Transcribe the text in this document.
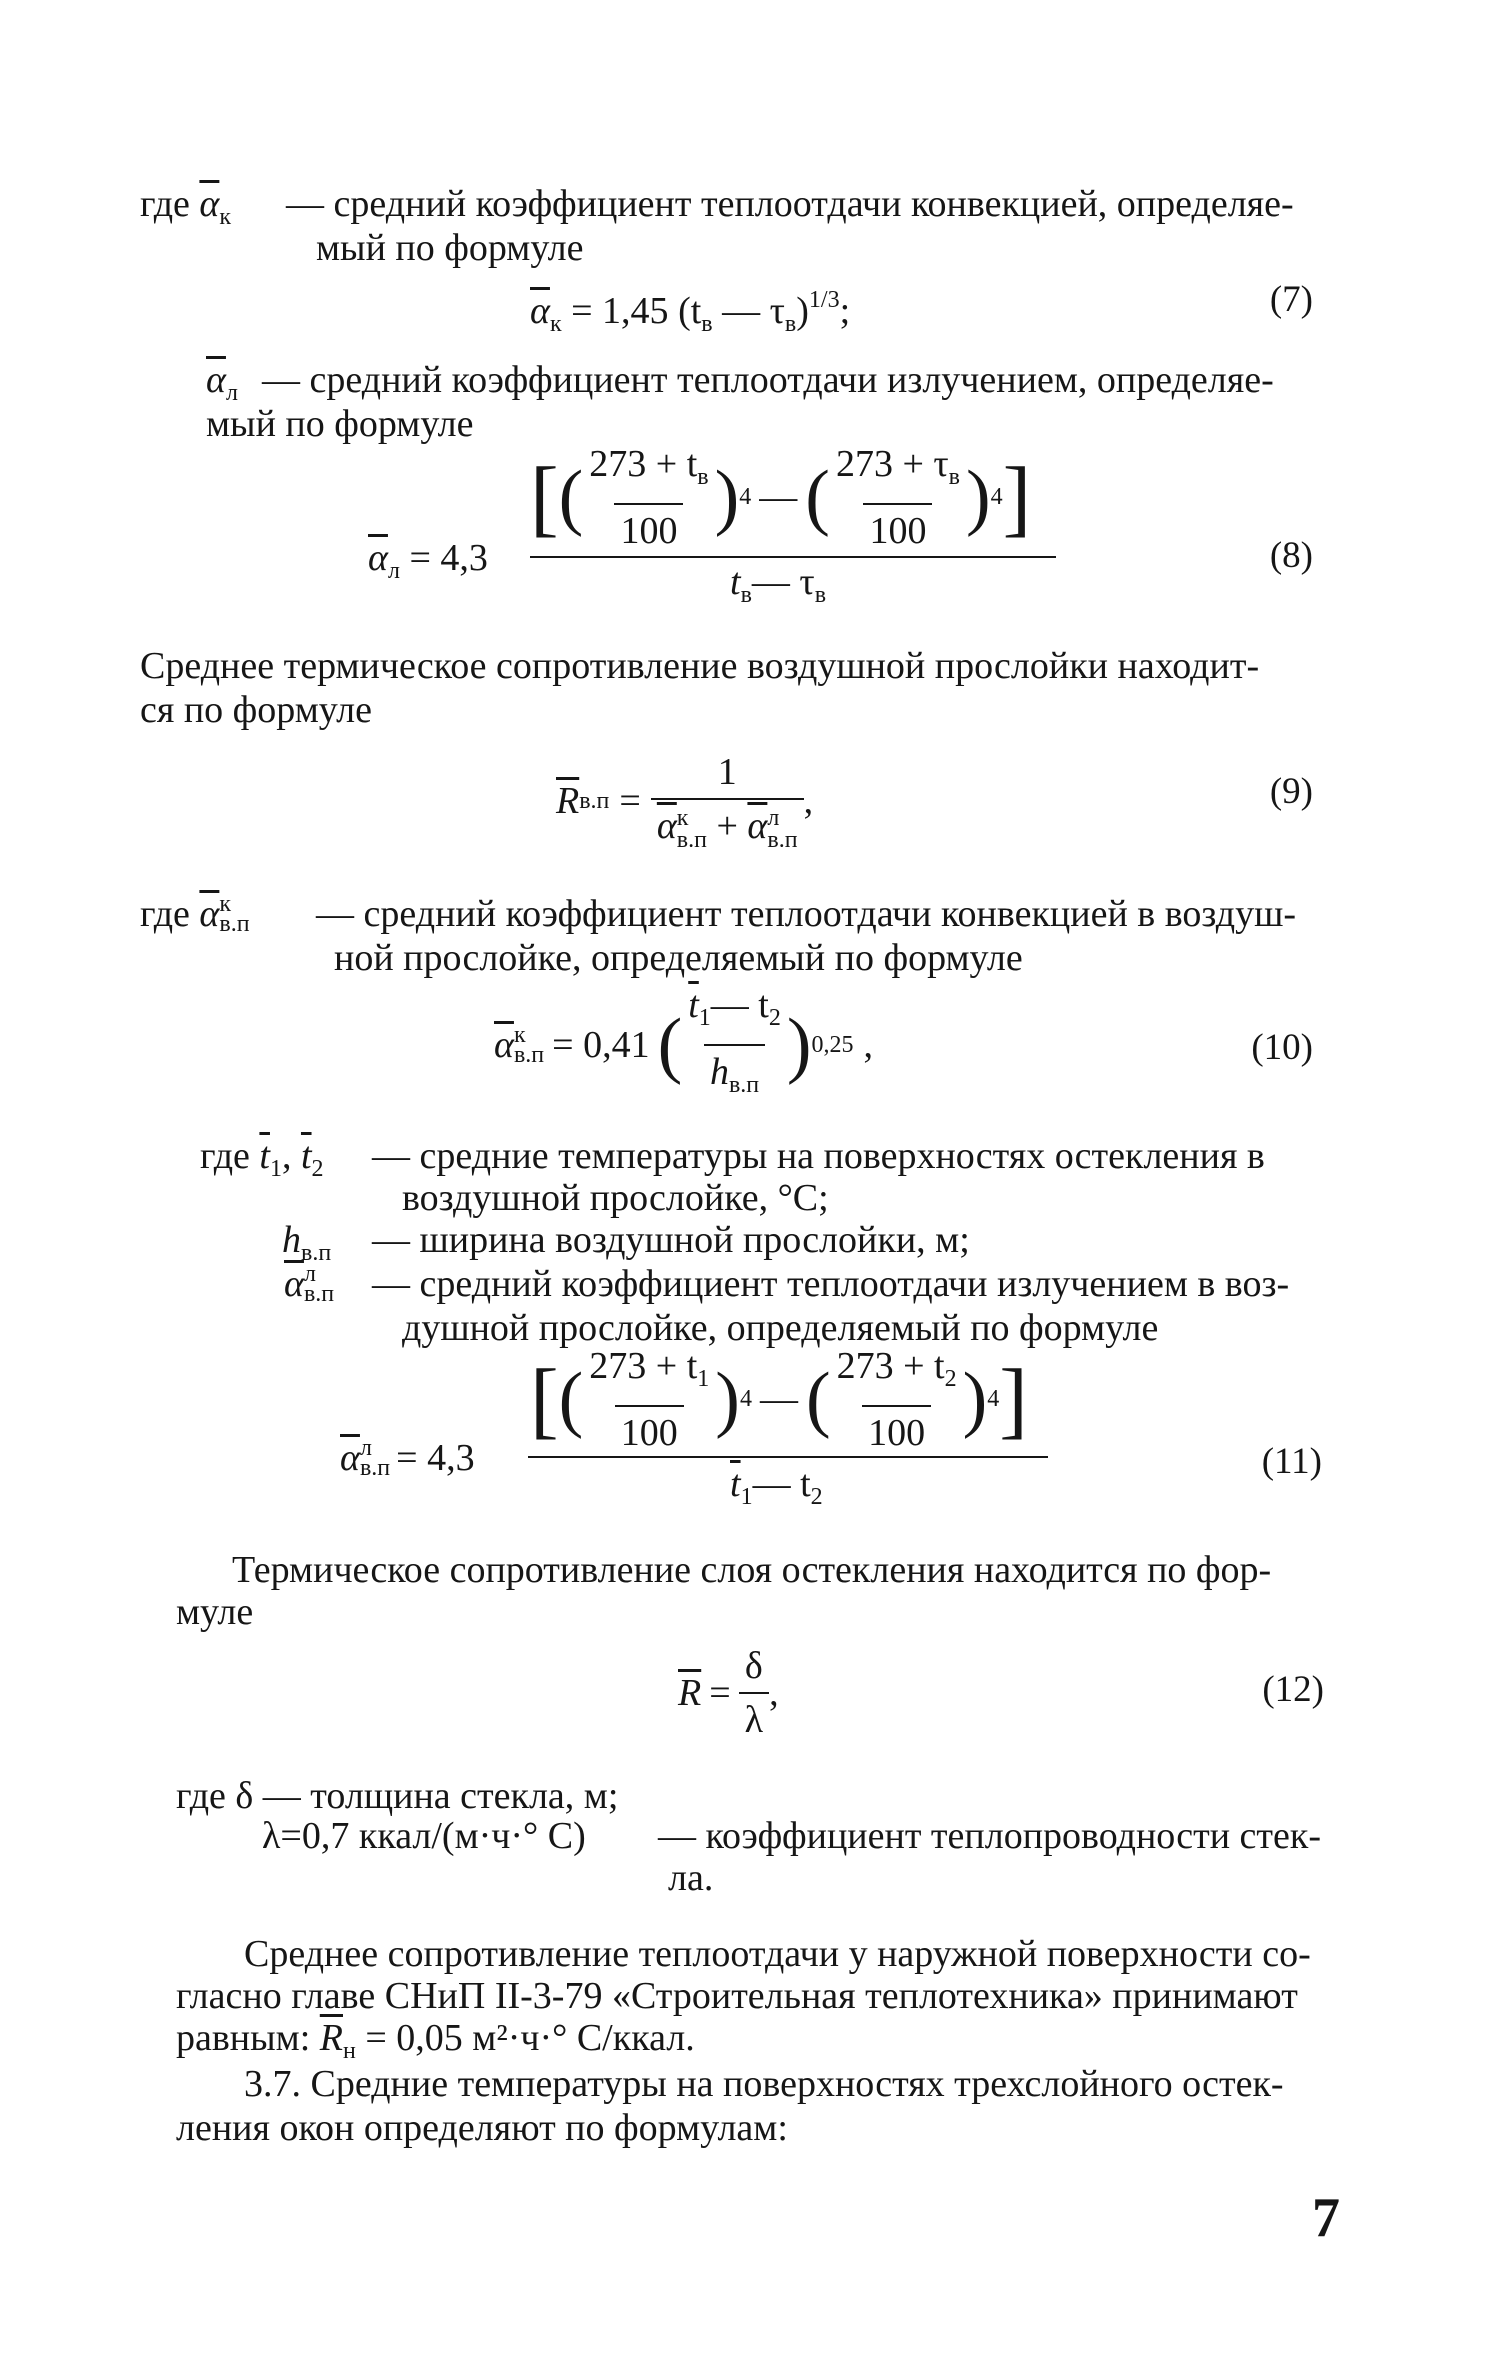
где $\overline{\alpha}_к$ — средний коэффициент теплоотдачи конвекцией, определяе-
мый по формуле
$\overline{\alpha}_к = 1,45$ ($t_в$ — $\tau_в)^{1/3}$;	(7)
$\overline{\alpha}_л$ — средний коэффициент теплоотдачи излучением, определяе-
мый по формуле
$\overline{\alpha}_л = 4,3$
[ ( $\frac{273 + t_в}{100}$ ) 4 — ( $\frac{273 + \tau_в}{100}$ ) 4 ]
$t_в—$ $\tau_в$
(8)
Среднее термическое сопротивление воздушной прослойки находит-
ся по формуле
$\overline{R}$ в.п = 1
$\overline{\alpha}$ к
$в.п + \overline{\alpha}$ л
в.п ,	(9)
где
$\overline{\alpha}$ к
в.п — средний коэффициент теплоотдачи конвекцией в воздуш-
ной прослойке, определяемый по формуле
$\overline{\alpha}$ к
в.п = 0,41 ( $\frac{\overline{t}_1— t_2}{h_{в.п}}$ ) 0,25 ,	(10)
где $\overline{t}_1$, $\overline{t}_2$ — средние температуры на поверхностях остекления в
воздушной прослойке, °С;
$h_{в.п}$ — ширина воздушной прослойки, м;
$\overline{\alpha}$ л
в.п — средний коэффициент теплоотдачи излучением в воз-
душной прослойке, определяемый по формуле
$\overline{\alpha}$ л
в.п = 4,3
[ ( $\frac{273 + t_1}{100}$ ) 4 — ( $\frac{273 + t_2}{100}$ ) 4 ]
$\overline{t}_1—$ $t_2$
(11)
Термическое сопротивление слоя остекления находится по фор-
муле
$\overline{R} = \frac{\delta}{\lambda}$ ,	(12)
где δ — толщина стекла, м;
λ=0,7 ккал/(м·ч·° С) — коэффициент теплопроводности стек-
ла.
Среднее сопротивление теплоотдачи у наружной поверхности со-
гласно главе СНиП II-3-79 «Строительная теплотехника» принимают
равным: $\overline{R}_н = 0,05$ м²·ч·° С/ккал.
3.7. Средние температуры на поверхностях трехслойного остек-
ления окон определяют по формулам:
7
